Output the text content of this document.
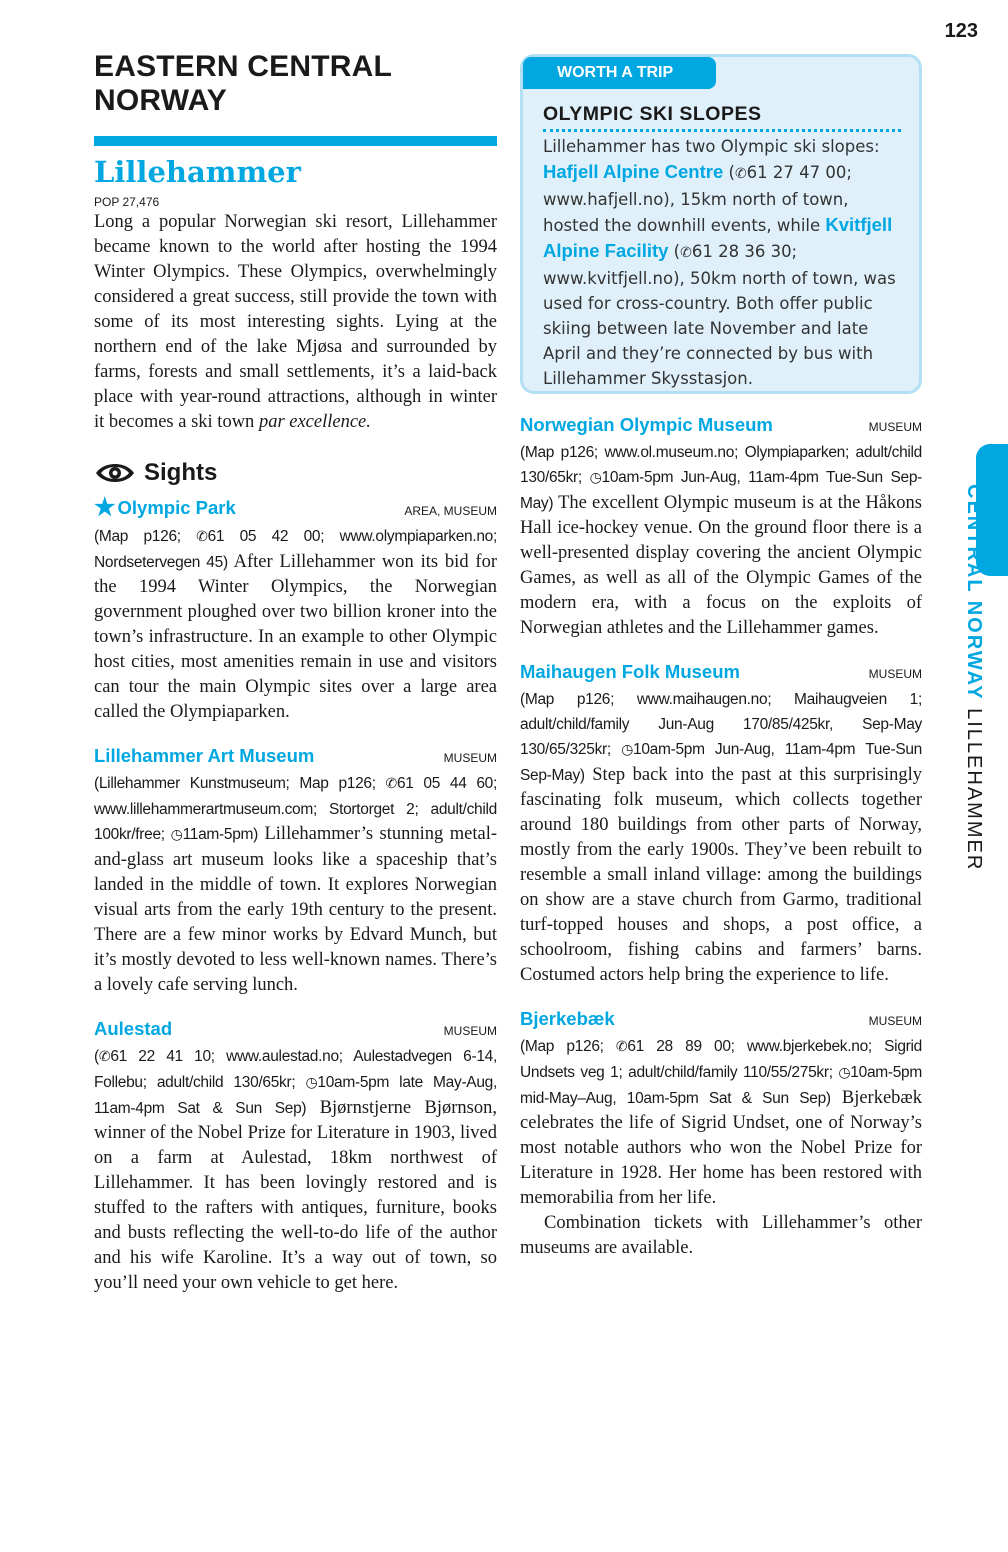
123
EASTERN CENTRAL
NORWAY
Lillehammer
POP 27,476

Long a popular Norwegian ski resort, Lillehammer became known to the world after hosting the 1994 Winter Olympics. These Olympics, overwhelmingly considered a great success, still provide the town with some of its most interesting sights. Lying at the northern end of the lake Mjøsa and surrounded by farms, forests and small settlements, it’s a laid-back place with year-round attractions, although in winter it becomes a ski town par excellence.

Sights
★ Olympic Park	AREA, MUSEUM

(Map p126; ✆61 05 42 00; www.olympiaparken.no; Nordsetervegen 45) After Lillehammer won its bid for the 1994 Winter Olympics, the Norwegian government ploughed over two billion kroner into the town’s infrastructure. In an example to other Olympic host cities, most amenities remain in use and visitors can tour the main Olympic sites over a large area called the Olympiaparken.

Lillehammer Art Museum	MUSEUM

(Lillehammer Kunstmuseum; Map p126; ✆61 05 44 60; www.lillehammerartmuseum.com; Stortorget 2; adult/child 100kr/free; ◷11am-5pm) Lillehammer’s stunning metal-and-glass art museum looks like a spaceship that’s landed in the middle of town. It explores Norwegian visual arts from the early 19th century to the present. There are a few minor works by Edvard Munch, but it’s mostly devoted to less well-known names. There’s a lovely cafe serving lunch.

Aulestad	MUSEUM

(✆61 22 41 10; www.aulestad.no; Aulestadvegen 6-14, Follebu; adult/child 130/65kr; ◷10am-5pm late May-Aug, 11am-4pm Sat & Sun Sep) Bjørnstjerne Bjørnson, winner of the Nobel Prize for Literature in 1903, lived on a farm at Aulestad, 18km northwest of Lillehammer. It has been lovingly restored and is stuffed to the rafters with antiques, furniture, books and busts reflecting the well-to-do life of the author and his wife Karoline. It’s a way out of town, so you’ll need your own vehicle to get here.

WORTH A TRIP
OLYMPIC SKI SLOPES

Lillehammer has two Olympic ski slopes: Hafjell Alpine Centre (✆61 27 47 00; www.hafjell.no), 15km north of town, hosted the downhill events, while Kvitfjell Alpine Facility (✆61 28 36 30; www.kvitfjell.no), 50km north of town, was used for cross-country. Both offer public skiing between late November and late April and they’re connected by bus with Lillehammer Skysstasjon.

Norwegian Olympic Museum	MUSEUM

(Map p126; www.ol.museum.no; Olympiaparken; adult/child 130/65kr; ◷10am-5pm Jun-Aug, 11am-4pm Tue-Sun Sep-May) The excellent Olympic museum is at the Håkons Hall ice-hockey venue. On the ground floor there is a well-presented display covering the ancient Olympic Games, as well as all of the Olympic Games of the modern era, with a focus on the exploits of Norwegian athletes and the Lillehammer games.

Maihaugen Folk Museum	MUSEUM

(Map p126; www.maihaugen.no; Maihaugveien 1; adult/child/family Jun-Aug 170/85/425kr, Sep-May 130/65/325kr; ◷10am-5pm Jun-Aug, 11am-4pm Tue-Sun Sep-May) Step back into the past at this surprisingly fascinating folk museum, which collects together around 180 buildings from other parts of Norway, mostly from the early 1900s. They’ve been rebuilt to resemble a small inland village: among the buildings on show are a stave church from Garmo, traditional turf-topped houses and shops, a post office, a schoolroom, fishing cabins and farmers’ barns. Costumed actors help bring the experience to life.

Bjerkebæk	MUSEUM

(Map p126; ✆61 28 89 00; www.bjerkebek.no; Sigrid Undsets veg 1; adult/child/family 110/55/275kr; ◷10am-5pm mid-May–Aug, 10am-5pm Sat & Sun Sep) Bjerkebæk celebrates the life of Sigrid Undset, one of Norway’s most notable authors who won the Nobel Prize for Literature in 1928. Her home has been restored with memorabilia from her life.

Combination tickets with Lillehammer’s other museums are available.

CENTRAL NORWAY LILLEHAMMER
